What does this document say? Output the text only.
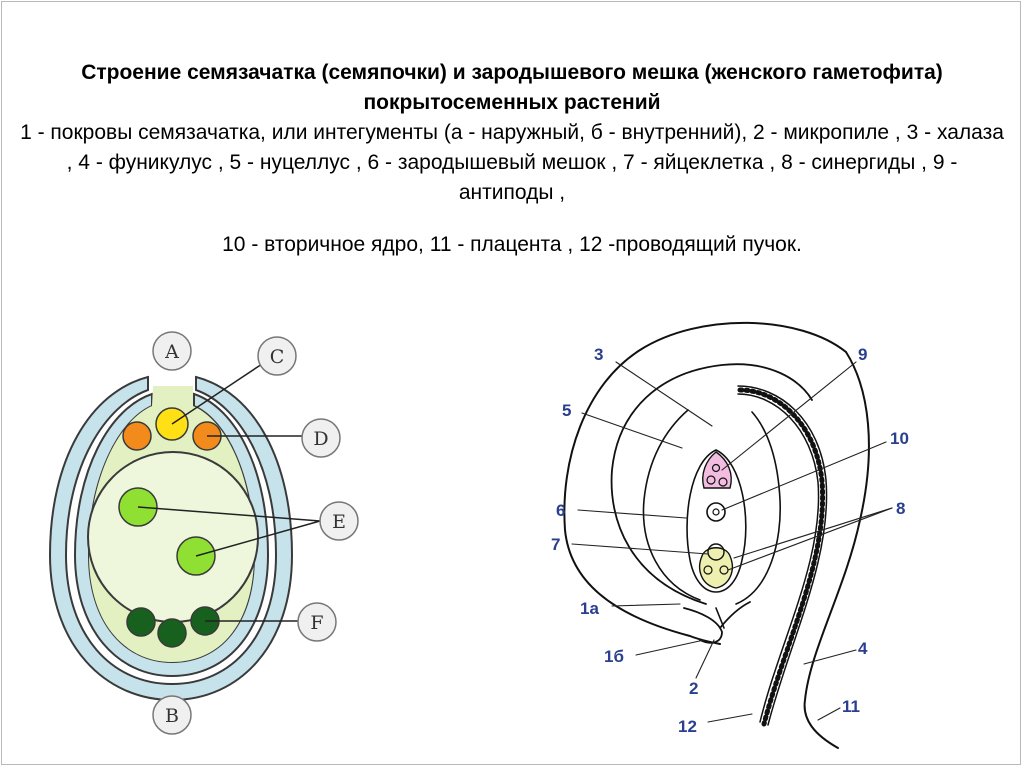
Строение семязачатка (семяпочки) и зародышевого мешка (женского гаметофита) покрытосеменных растений

1 - покровы семязачатка, или интегументы (а - наружный, б - внутренний), 2 - микропиле , 3 - халаза , 4 - фуникулус , 5 - нуцеллус , 6 - зародышевый мешок , 7 - яйцеклетка , 8 - синергиды , 9 - антиподы ,

10 - вторичное ядро, 11 - плацента , 12 -проводящий пучок.

A	C
D
E
F
B
3
5
6
7
1а
1б
2
12
9
10
8
4
11
